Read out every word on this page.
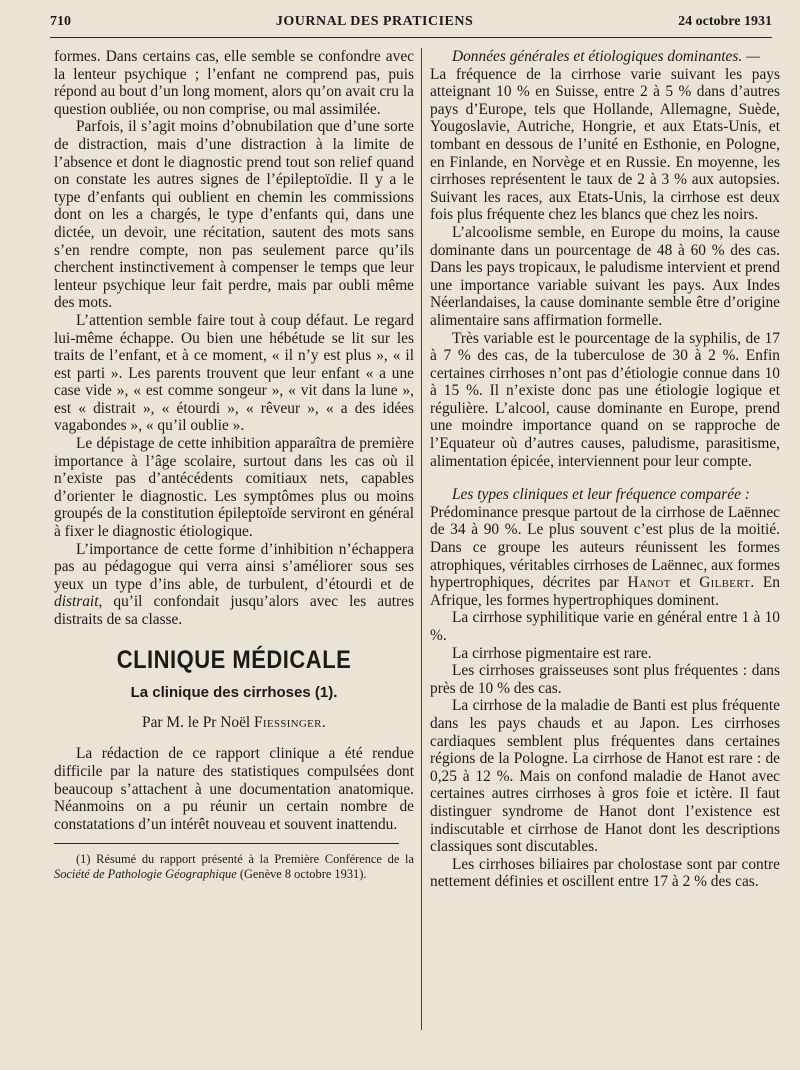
710	JOURNAL DES PRATICIENS	24 octobre 1931

formes. Dans certains cas, elle semble se confondre avec la lenteur psychique ; l’enfant ne comprend pas, puis répond au bout d’un long moment, alors qu’on avait cru la question oubliée, ou non comprise, ou mal assimilée.

Parfois, il s’agit moins d’obnubilation que d’une sorte de distraction, mais d’une distraction à la limite de l’absence et dont le diagnostic prend tout son relief quand on constate les autres signes de l’épileptoïdie. Il y a le type d’enfants qui oublient en chemin les commissions dont on les a chargés, le type d’enfants qui, dans une dictée, un devoir, une récitation, sautent des mots sans s’en rendre compte, non pas seulement parce qu’ils cherchent instinctivement à compenser le temps que leur lenteur psychique leur fait perdre, mais par oubli même des mots.

L’attention semble faire tout à coup défaut. Le regard lui-même échappe. Ou bien une hébétude se lit sur les traits de l’enfant, et à ce moment, « il n’y est plus », « il est parti ». Les parents trouvent que leur enfant « a une case vide », « est comme songeur », « vit dans la lune », est « distrait », « étourdi », « rêveur », « a des idées vagabondes », « qu’il oublie ».

Le dépistage de cette inhibition apparaîtra de première importance à l’âge scolaire, surtout dans les cas où il n’existe pas d’antécédents comitiaux nets, capables d’orienter le diagnostic. Les symptômes plus ou moins groupés de la constitution épileptoïde serviront en général à fixer le diagnostic étiologique.

L’importance de cette forme d’inhibition n’échappera pas au pédagogue qui verra ainsi s’améliorer sous ses yeux un type d’ins able, de turbulent, d’étourdi et de distrait, qu’il confondait jusqu’alors avec les autres distraits de sa classe.

CLINIQUE MÉDICALE
La clinique des cirrhoses (1).
Par M. le Pr Noël Fiessinger.

La rédaction de ce rapport clinique a été rendue difficile par la nature des statistiques compulsées dont beaucoup s’attachent à une documentation anatomique. Néanmoins on a pu réunir un certain nombre de constatations d’un intérêt nouveau et souvent inattendu.

(1) Résumé du rapport présenté à la Première Conférence de la Société de Pathologie Géographique (Genève 8 octobre 1931).

Données générales et étiologiques dominantes. —

La fréquence de la cirrhose varie suivant les pays atteignant 10 % en Suisse, entre 2 à 5 % dans d’autres pays d’Europe, tels que Hollande, Allemagne, Suède, Yougoslavie, Autriche, Hongrie, et aux Etats-Unis, et tombant en dessous de l’unité en Esthonie, en Pologne, en Finlande, en Norvège et en Russie. En moyenne, les cirrhoses représentent le taux de 2 à 3 % aux autopsies. Suivant les races, aux Etats-Unis, la cirrhose est deux fois plus fréquente chez les blancs que chez les noirs.

L’alcoolisme semble, en Europe du moins, la cause dominante dans un pourcentage de 48 à 60 % des cas. Dans les pays tropicaux, le paludisme intervient et prend une importance variable suivant les pays. Aux Indes Néerlandaises, la cause dominante semble être d’origine alimentaire sans affirmation formelle.

Très variable est le pourcentage de la syphilis, de 17 à 7 % des cas, de la tuberculose de 30 à 2 %. Enfin certaines cirrhoses n’ont pas d’étiologie connue dans 10 à 15 %. Il n’existe donc pas une étiologie logique et régulière. L’alcool, cause dominante en Europe, prend une moindre importance quand on se rapproche de l’Equateur où d’autres causes, paludisme, parasitisme, alimentation épicée, interviennent pour leur compte.

Les types cliniques et leur fréquence comparée :

Prédominance presque partout de la cirrhose de Laënnec de 34 à 90 %. Le plus souvent c’est plus de la moitié. Dans ce groupe les auteurs réunissent les formes atrophiques, véritables cirrhoses de Laënnec, aux formes hypertrophiques, décrites par Hanot et Gilbert. En Afrique, les formes hypertrophiques dominent.

La cirrhose syphilitique varie en général entre 1 à 10 %.

La cirrhose pigmentaire est rare.

Les cirrhoses graisseuses sont plus fréquentes : dans près de 10 % des cas.

La cirrhose de la maladie de Banti est plus fréquente dans les pays chauds et au Japon. Les cirrhoses cardiaques semblent plus fréquentes dans certaines régions de la Pologne. La cirrhose de Hanot est rare : de 0,25 à 12 %. Mais on confond maladie de Hanot avec certaines autres cirrhoses à gros foie et ictère. Il faut distinguer syndrome de Hanot dont l’existence est indiscutable et cirrhose de Hanot dont les descriptions classiques sont discutables.

Les cirrhoses biliaires par cholostase sont par contre nettement définies et oscillent entre 17 à 2 % des cas.
